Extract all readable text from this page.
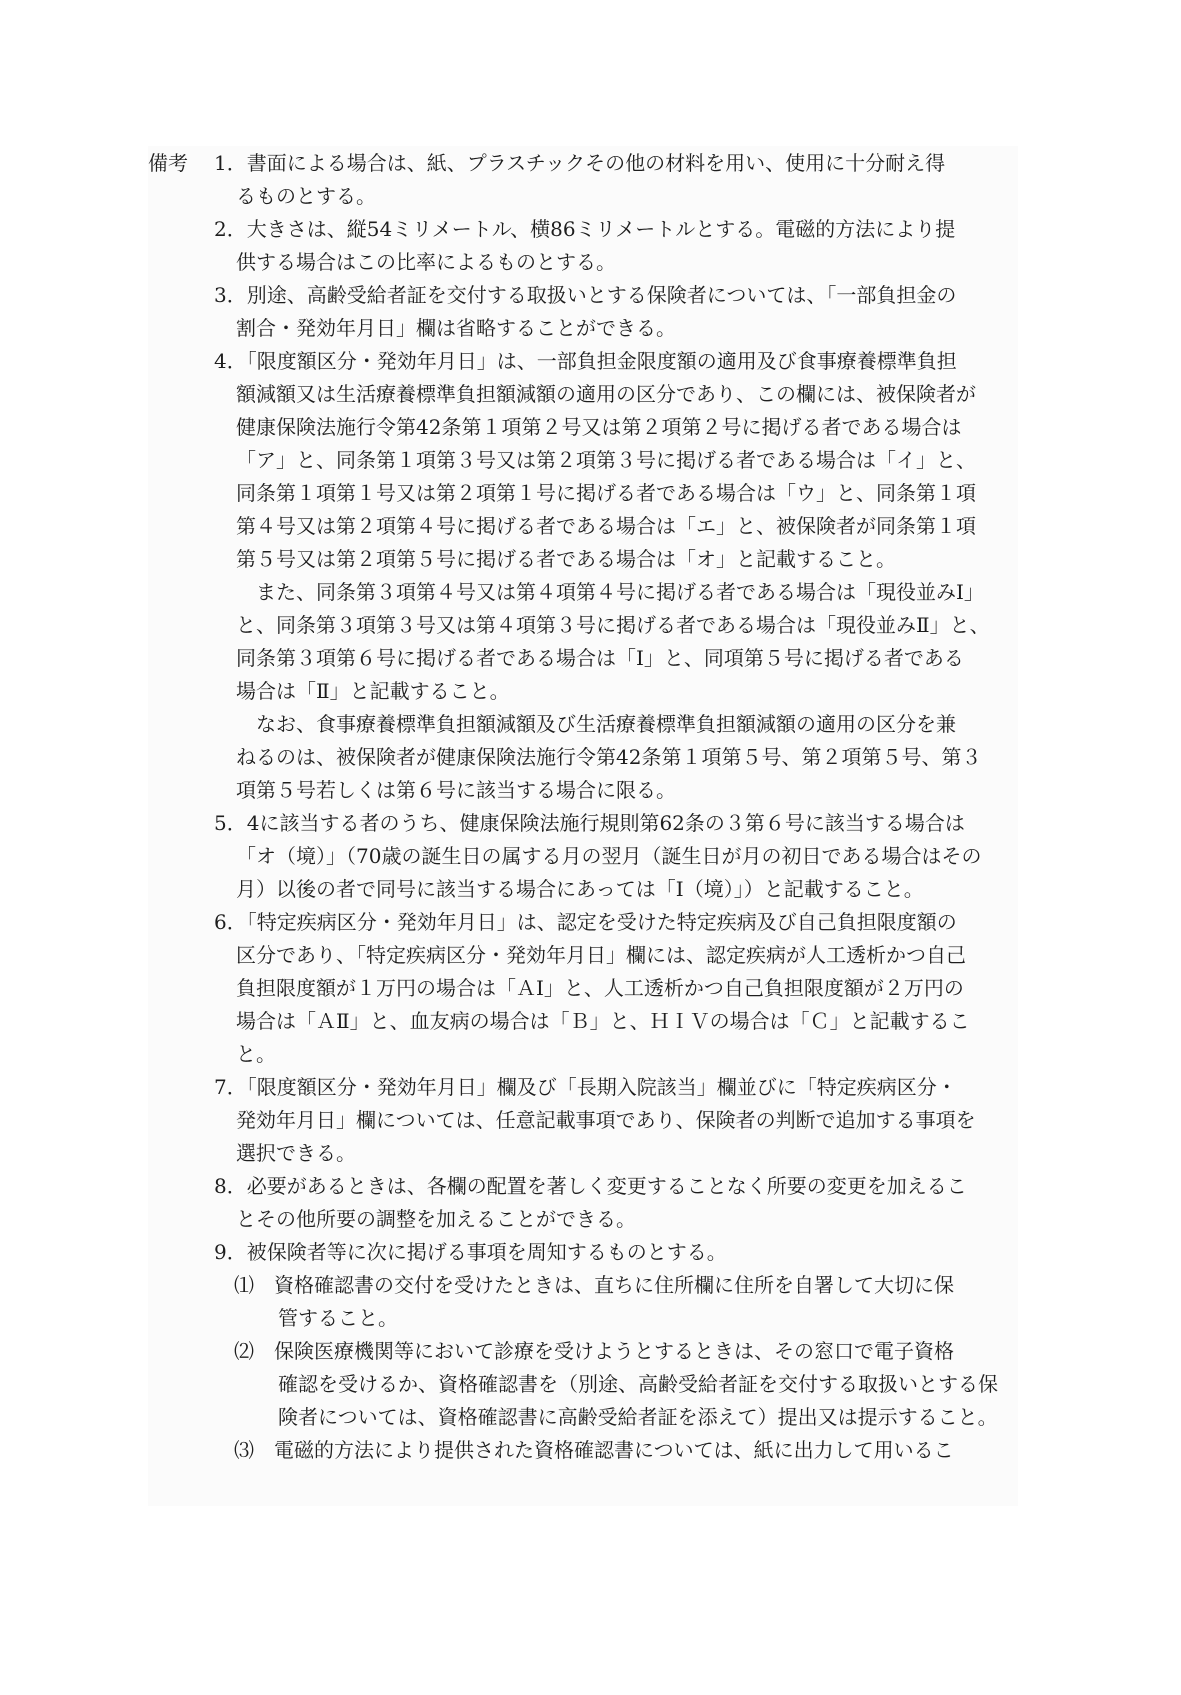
備考 1．書面による場合は、紙、プラスチックその他の材料を用い、使用に十分耐え得
るものとする。
2．大きさは、縦54ミリメートル、横86ミリメートルとする。電磁的方法により提
供する場合はこの比率によるものとする。
3．別途、高齢受給者証を交付する取扱いとする保険者については、「一部負担金の
割合・発効年月日」欄は省略することができる。
4．「限度額区分・発効年月日」は、一部負担金限度額の適用及び食事療養標準負担
額減額又は生活療養標準負担額減額の適用の区分であり、この欄には、被保険者が
健康保険法施行令第42条第１項第２号又は第２項第２号に掲げる者である場合は
「ア」と、同条第１項第３号又は第２項第３号に掲げる者である場合は「イ」と、
同条第１項第１号又は第２項第１号に掲げる者である場合は「ウ」と、同条第１項
第４号又は第２項第４号に掲げる者である場合は「エ」と、被保険者が同条第１項
第５号又は第２項第５号に掲げる者である場合は「オ」と記載すること。
また、同条第３項第４号又は第４項第４号に掲げる者である場合は「現役並みⅠ」
と、同条第３項第３号又は第４項第３号に掲げる者である場合は「現役並みⅡ」と、
同条第３項第６号に掲げる者である場合は「Ⅰ」と、同項第５号に掲げる者である
場合は「Ⅱ」と記載すること。
なお、食事療養標準負担額減額及び生活療養標準負担額減額の適用の区分を兼
ねるのは、被保険者が健康保険法施行令第42条第１項第５号、第２項第５号、第３
項第５号若しくは第６号に該当する場合に限る。
5．4に該当する者のうち、健康保険法施行規則第62条の３第６号に該当する場合は
「オ（境）」（70歳の誕生日の属する月の翌月（誕生日が月の初日である場合はその
月）以後の者で同号に該当する場合にあっては「Ⅰ（境）」）と記載すること。
6．「特定疾病区分・発効年月日」は、認定を受けた特定疾病及び自己負担限度額の
区分であり、「特定疾病区分・発効年月日」欄には、認定疾病が人工透析かつ自己
負担限度額が１万円の場合は「ＡⅠ」と、人工透析かつ自己負担限度額が２万円の
場合は「ＡⅡ」と、血友病の場合は「Ｂ」と、ＨＩＶの場合は「Ｃ」と記載するこ
と。
7．「限度額区分・発効年月日」欄及び「長期入院該当」欄並びに「特定疾病区分・
発効年月日」欄については、任意記載事項であり、保険者の判断で追加する事項を
選択できる。
8．必要があるときは、各欄の配置を著しく変更することなく所要の変更を加えるこ
とその他所要の調整を加えることができる。
9．被保険者等に次に掲げる事項を周知するものとする。
⑴　資格確認書の交付を受けたときは、直ちに住所欄に住所を自署して大切に保
管すること。
⑵　保険医療機関等において診療を受けようとするときは、その窓口で電子資格
確認を受けるか、資格確認書を（別途、高齢受給者証を交付する取扱いとする保
険者については、資格確認書に高齢受給者証を添えて）提出又は提示すること。
⑶　電磁的方法により提供された資格確認書については、紙に出力して用いるこ
